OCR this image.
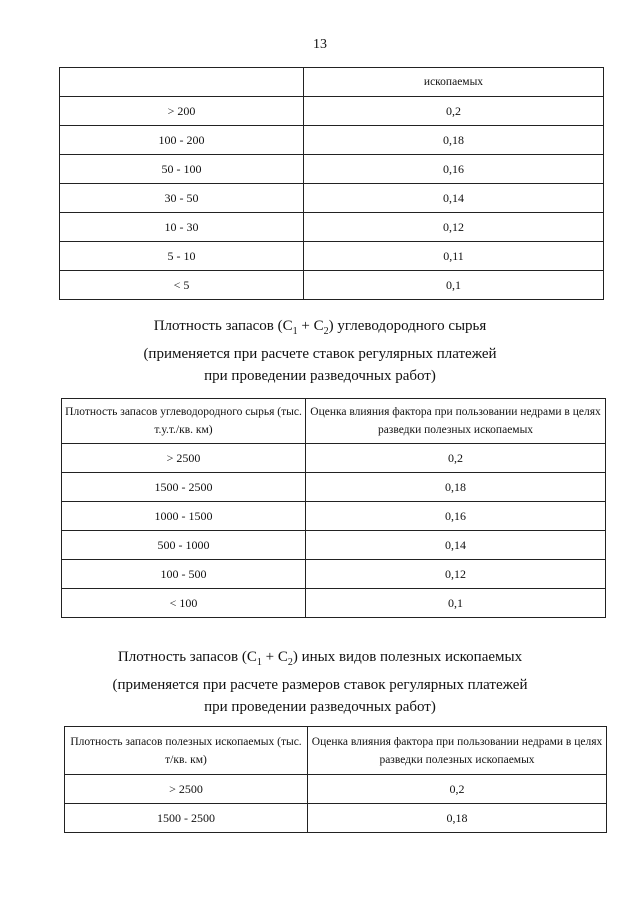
13
	ископаемых
> 200	0,2
100 - 200	0,18
50 - 100	0,16
30 - 50	0,14
10 - 30	0,12
5 - 10	0,11
< 5	0,1
Плотность запасов $(C_1 + C_2)$ углеводородного сырья
(применяется при расчете ставок регулярных платежей
при проведении разведочных работ)
Плотность запасов углеводородного сырья (тыс. т.у.т./кв. км)	Оценка влияния фактора при пользовании недрами в целях разведки полезных ископаемых
> 2500	0,2
1500 - 2500	0,18
1000 - 1500	0,16
500 - 1000	0,14
100 - 500	0,12
< 100	0,1
Плотность запасов $(C_1 + C_2)$ иных видов полезных ископаемых
(применяется при расчете размеров ставок регулярных платежей
при проведении разведочных работ)
Плотность запасов полезных ископаемых (тыс. т/кв. км)	Оценка влияния фактора при пользовании недрами в целях разведки полезных ископаемых
> 2500	0,2
1500 - 2500	0,18
